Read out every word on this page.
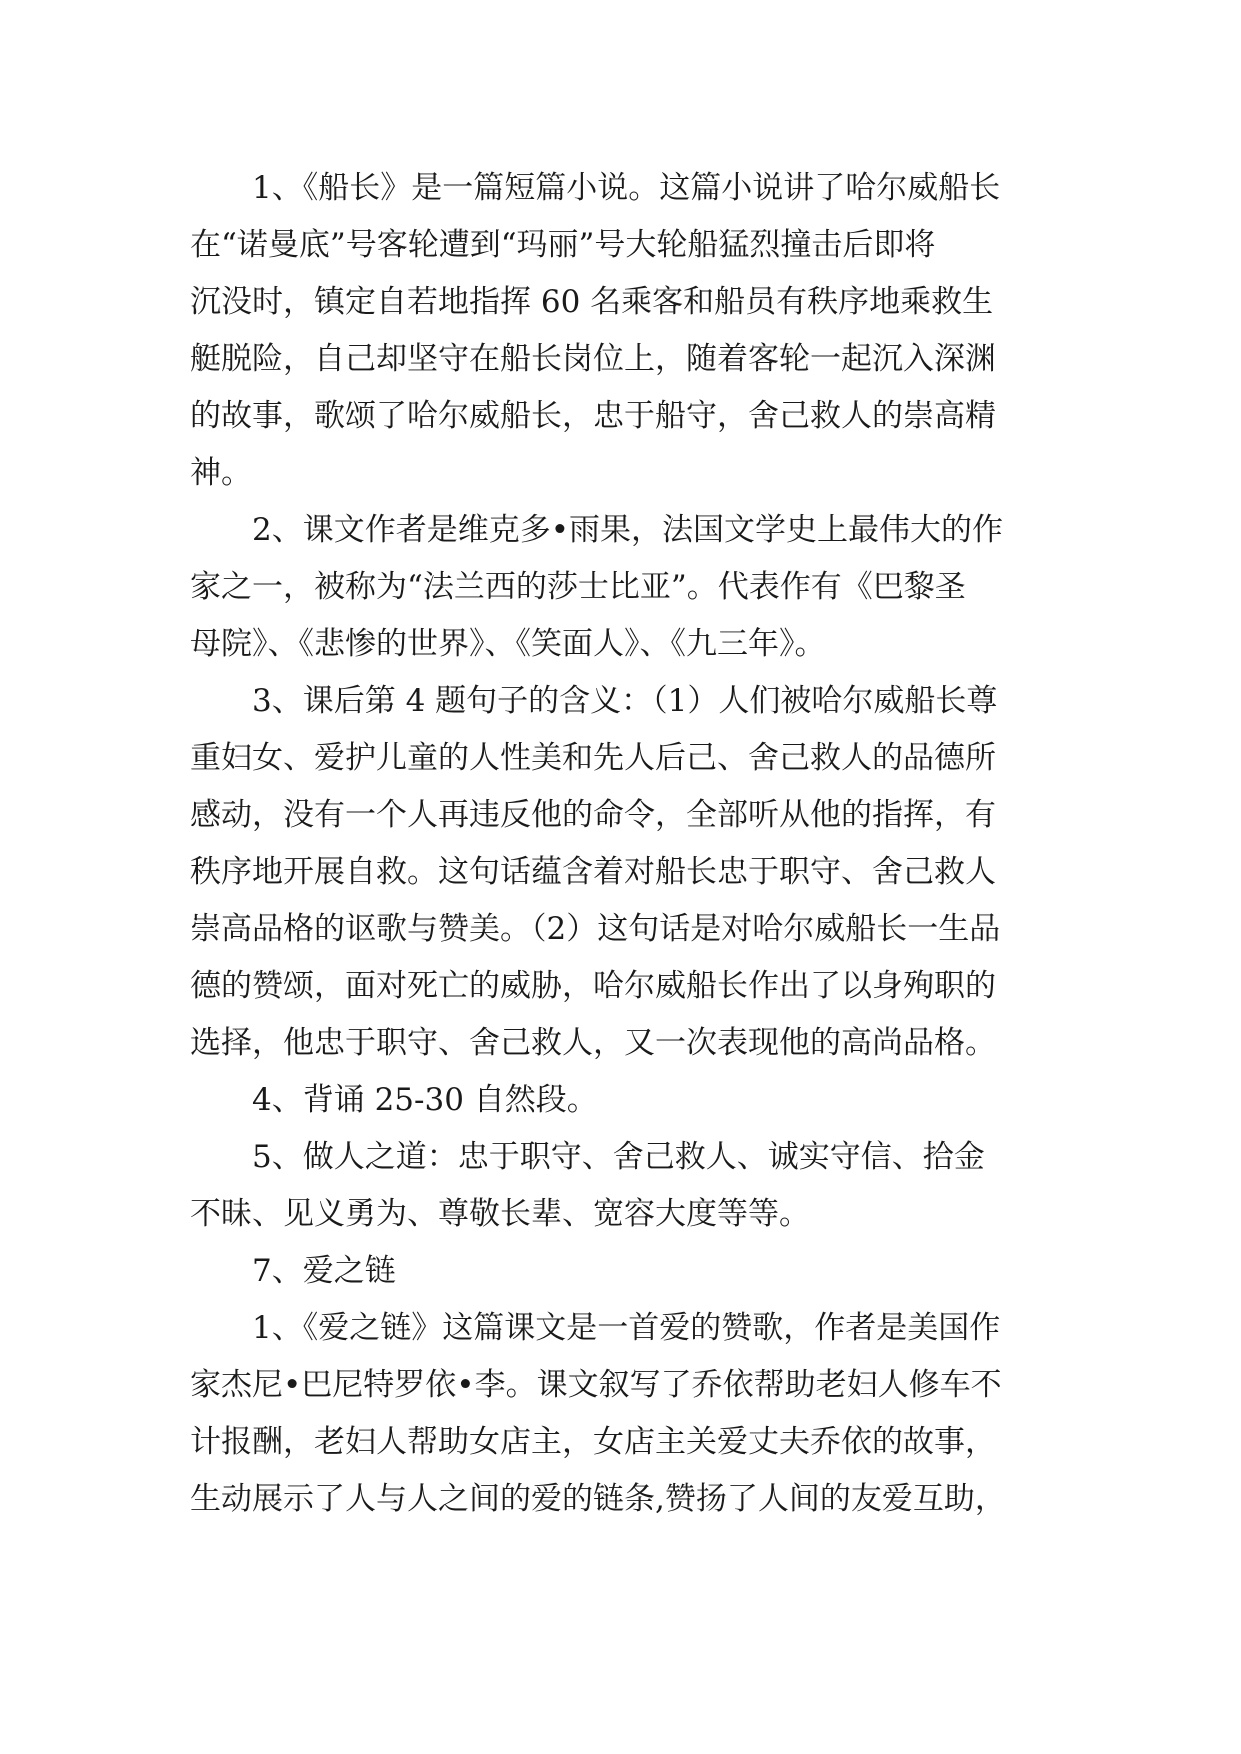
1、《船长》是一篇短篇小说。这篇小说讲了哈尔威船长
在“诺曼底”号客轮遭到“玛丽”号大轮船猛烈撞击后即将
沉没时，镇定自若地指挥 60 名乘客和船员有秩序地乘救生
艇脱险，自己却坚守在船长岗位上，随着客轮一起沉入深渊
的故事，歌颂了哈尔威船长，忠于船守，舍己救人的崇高精
神。

2、课文作者是维克多•雨果，法国文学史上最伟大的作
家之一，被称为“法兰西的莎士比亚”。代表作有《巴黎圣
母院》、《悲惨的世界》、《笑面人》、《九三年》。

3、课后第 4 题句子的含义：（1）人们被哈尔威船长尊
重妇女、爱护儿童的人性美和先人后己、舍己救人的品德所
感动，没有一个人再违反他的命令，全部听从他的指挥，有
秩序地开展自救。这句话蕴含着对船长忠于职守、舍己救人
崇高品格的讴歌与赞美。（2）这句话是对哈尔威船长一生品
德的赞颂，面对死亡的威胁，哈尔威船长作出了以身殉职的
选择，他忠于职守、舍己救人，又一次表现他的高尚品格。

4、背诵 25-30 自然段。

5、做人之道：忠于职守、舍己救人、诚实守信、拾金
不昧、见义勇为、尊敬长辈、宽容大度等等。

7、爱之链

1、《爱之链》这篇课文是一首爱的赞歌，作者是美国作
家杰尼•巴尼特罗依•李。课文叙写了乔依帮助老妇人修车不
计报酬，老妇人帮助女店主，女店主关爱丈夫乔依的故事，
生动展示了人与人之间的爱的链条,赞扬了人间的友爱互助，
